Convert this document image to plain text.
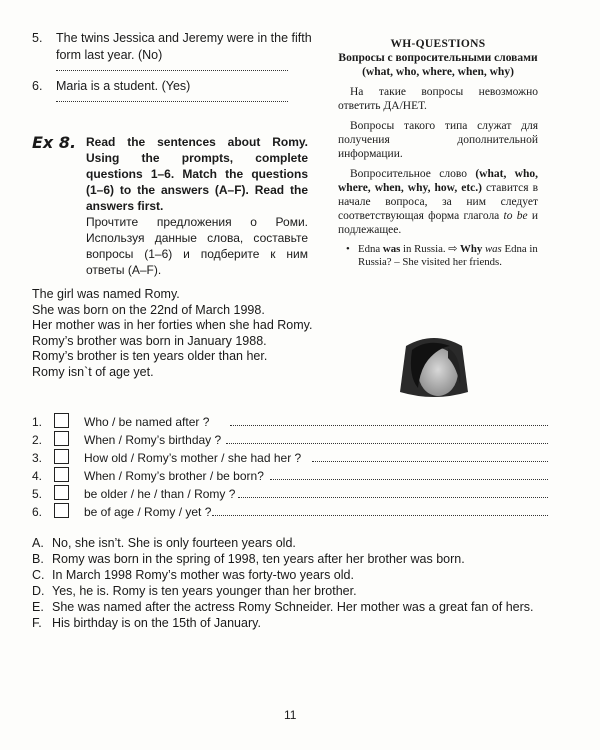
5. The twins Jessica and Jeremy were in the fifth form last year. (No)
6. Maria is a student. (Yes)
WH-QUESTIONS
Вопросы с вопросительными словами (what, who, where, when, why)
На такие вопросы невозможно ответить ДА/НЕТ.
Вопросы такого типа служат для получения дополнительной информации.
Вопросительное слово (what, who, where, when, why, how, etc.) ставится в начале вопроса, за ним следует соответствующая форма глагола to be и подлежащее.
• Edna was in Russia. ⇨ Why was Edna in Russia? – She visited her friends.
Ex 8. Read the sentences about Romy. Using the prompts, complete questions 1–6. Match the questions (1–6) to the answers (A–F). Read the answers first.
Прочтите предложения о Роми. Используя данные слова, составьте вопросы (1–6) и подберите к ним ответы (A–F).
The girl was named Romy.
She was born on the 22nd of March 1998.
Her mother was in her forties when she had Romy.
Romy’s brother was born in January 1988.
Romy’s brother is ten years older than her.
Romy isn`t of age yet.
1.	Who / be named after ?
2.	When / Romy’s birthday ?
3.	How old / Romy’s mother / she had her ?
4.	When / Romy’s brother / be born?
5.	be older / he / than / Romy ?
6.	be of age / Romy / yet ?
A. No, she isn’t. She is only fourteen years old.
B. Romy was born in the spring of 1998, ten years after her brother was born.
C. In March 1998 Romy’s mother was forty-two years old.
D. Yes, he is. Romy is ten years younger than her brother.
E. She was named after the actress Romy Schneider. Her mother was a great fan of hers.
F. His birthday is on the 15th of January.
11
